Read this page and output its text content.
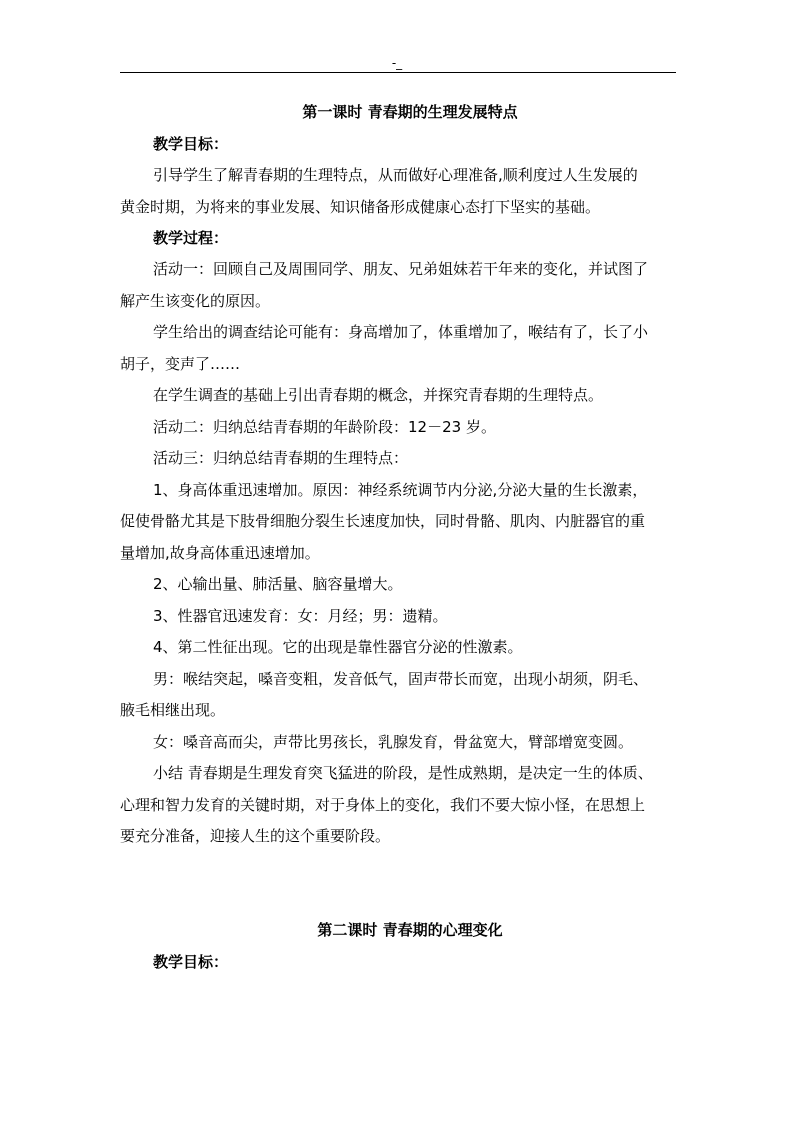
-_
第一课时 青春期的生理发展特点

教学目标：

引导学生了解青春期的生理特点，从而做好心理准备,顺利度过人生发展的
黄金时期，为将来的事业发展、知识储备形成健康心态打下坚实的基础。

教学过程：

活动一：回顾自己及周围同学、朋友、兄弟姐妹若干年来的变化，并试图了
解产生该变化的原因。

学生给出的调查结论可能有：身高增加了，体重增加了，喉结有了，长了小
胡子，变声了……

在学生调查的基础上引出青春期的概念，并探究青春期的生理特点。

活动二：归纳总结青春期的年龄阶段：12－23 岁。

活动三：归纳总结青春期的生理特点：

1、身高体重迅速增加。原因：神经系统调节内分泌,分泌大量的生长激素，
促使骨骼尤其是下肢骨细胞分裂生长速度加快，同时骨骼、肌肉、内脏器官的重
量增加,故身高体重迅速增加。

2、心输出量、肺活量、脑容量增大。

3、性器官迅速发育：女：月经；男：遗精。

4、第二性征出现。它的出现是靠性器官分泌的性激素。

男：喉结突起，嗓音变粗，发音低气，固声带长而宽，出现小胡须，阴毛、
腋毛相继出现。

女：嗓音高而尖，声带比男孩长，乳腺发育，骨盆宽大，臂部增宽变圆。

小结 青春期是生理发育突飞猛进的阶段，是性成熟期，是决定一生的体质、
心理和智力发育的关键时期，对于身体上的变化，我们不要大惊小怪，在思想上
要充分准备，迎接人生的这个重要阶段。

第二课时 青春期的心理变化

教学目标：
